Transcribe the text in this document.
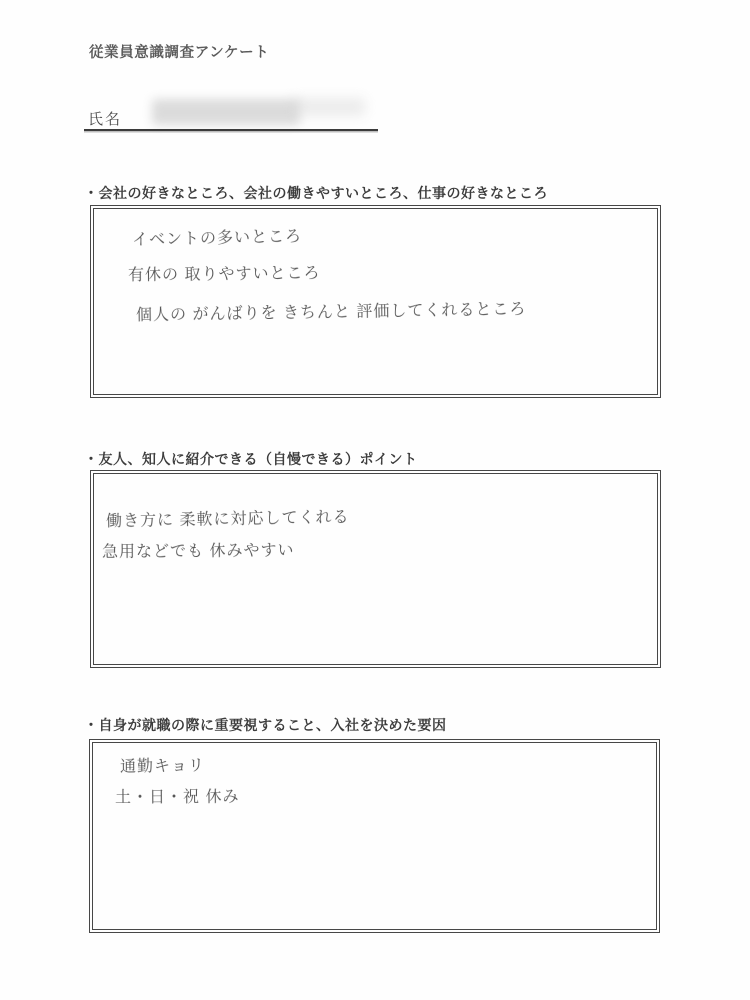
従業員意識調査アンケート
氏名
・会社の好きなところ、会社の働きやすいところ、仕事の好きなところ
イベントの多いところ
有休の 取りやすいところ
個人の がんばりを きちんと 評価してくれるところ
・友人、知人に紹介できる（自慢できる）ポイント
働き方に 柔軟に対応してくれる
急用などでも 休みやすい
・自身が就職の際に重要視すること、入社を決めた要因
通勤キョリ
土・日・祝 休み
